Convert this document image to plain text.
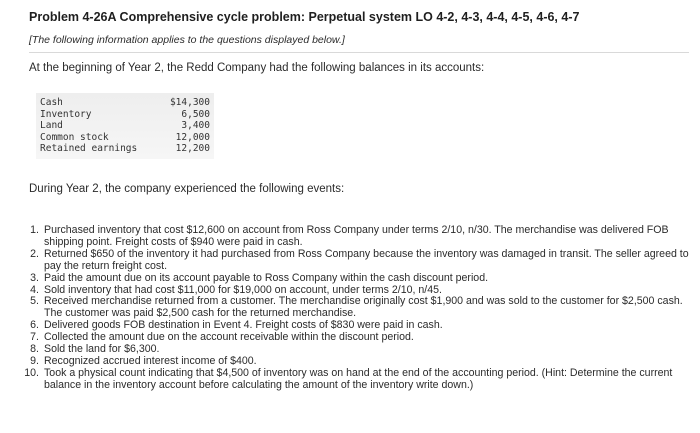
Problem 4-26A Comprehensive cycle problem: Perpetual system LO 4-2, 4-3, 4-4, 4-5, 4-6, 4-7
[The following information applies to the questions displayed below.]
At the beginning of Year 2, the Redd Company had the following balances in its accounts:
Cash	$14,300
Inventory	6,500
Land	3,400
Common stock	12,000
Retained earnings	12,200
During Year 2, the company experienced the following events:
1. Purchased inventory that cost $12,600 on account from Ross Company under terms 2/10, n/30. The merchandise was delivered FOB shipping point. Freight costs of $940 were paid in cash.
2. Returned $650 of the inventory it had purchased from Ross Company because the inventory was damaged in transit. The seller agreed to pay the return freight cost.
3. Paid the amount due on its account payable to Ross Company within the cash discount period.
4. Sold inventory that had cost $11,000 for $19,000 on account, under terms 2/10, n/45.
5. Received merchandise returned from a customer. The merchandise originally cost $1,900 and was sold to the customer for $2,500 cash. The customer was paid $2,500 cash for the returned merchandise.
6. Delivered goods FOB destination in Event 4. Freight costs of $830 were paid in cash.
7. Collected the amount due on the account receivable within the discount period.
8. Sold the land for $6,300.
9. Recognized accrued interest income of $400.
10. Took a physical count indicating that $4,500 of inventory was on hand at the end of the accounting period. (Hint: Determine the current balance in the inventory account before calculating the amount of the inventory write down.)
